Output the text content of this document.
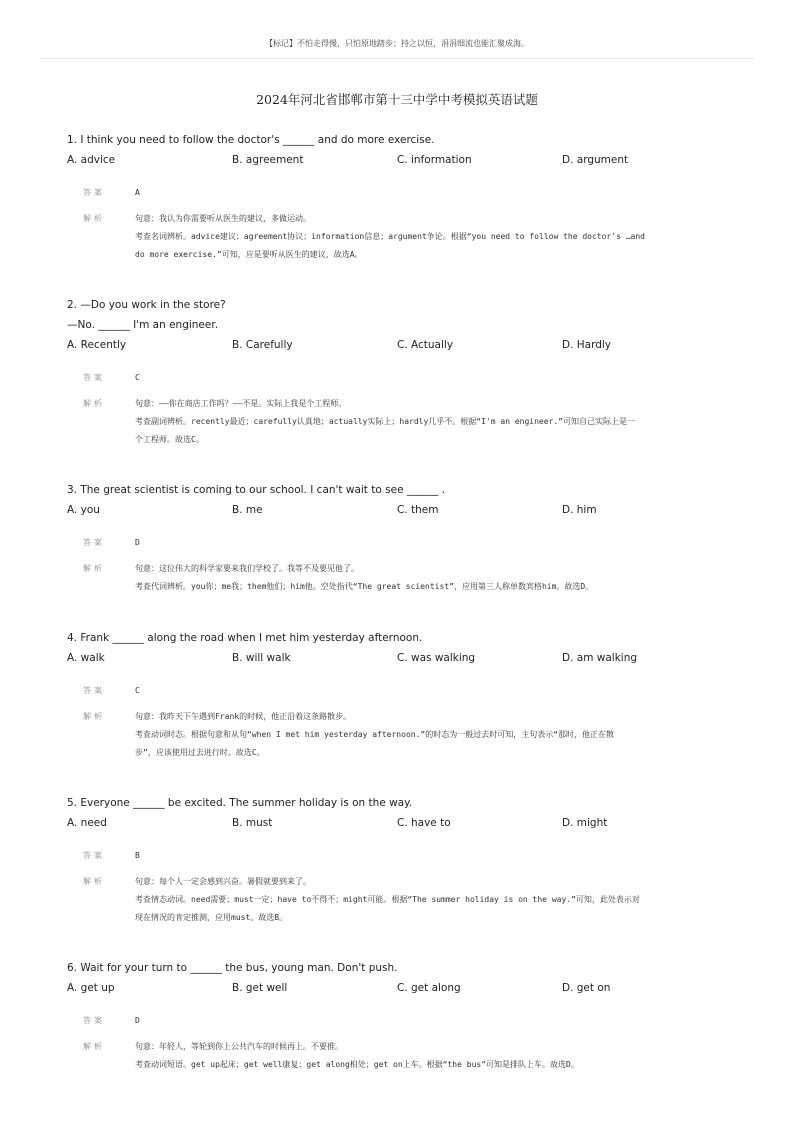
【标记】不怕走得慢，只怕原地踏步；持之以恒，涓涓细流也能汇聚成海。
2024年河北省邯郸市第十三中学中考模拟英语试题
1. I think you need to follow the doctor's ______ and do more exercise.
A. advice	B. agreement	C. information	D. argument
答案	A
解析	句意：我认为你需要听从医生的建议，多做运动。
考查名词辨析。advice建议；agreement协议；information信息；argument争论。根据“you need to follow the doctor's …and
do more exercise.”可知，应是要听从医生的建议，故选A。
2. —Do you work in the store?
—No. ______ I'm an engineer.
A. Recently	B. Carefully	C. Actually	D. Hardly
答案	C
解析	句意：——你在商店工作吗？——不是。实际上我是个工程师。
考查副词辨析。recently最近；carefully认真地；actually实际上；hardly几乎不。根据“I'm an engineer.”可知自己实际上是一
个工程师。故选C。
3. The great scientist is coming to our school. I can't wait to see ______ .
A. you	B. me	C. them	D. him
答案	D
解析	句意：这位伟大的科学家要来我们学校了。我等不及要见他了。
考查代词辨析。you你；me我；them他们；him他。空处指代“The great scientist”，应用第三人称单数宾格him。故选D。
4. Frank ______ along the road when I met him yesterday afternoon.
A. walk	B. will walk	C. was walking	D. am walking
答案	C
解析	句意：我昨天下午遇到Frank的时候，他正沿着这条路散步。
考查动词时态。根据句意和从句“when I met him yesterday afternoon.”的时态为一般过去时可知，主句表示“那时，他正在散
步”，应该使用过去进行时。故选C。
5. Everyone ______ be excited. The summer holiday is on the way.
A. need	B. must	C. have to	D. might
答案	B
解析	句意：每个人一定会感到兴奋。暑假就要到来了。
考查情态动词。need需要；must一定；have to不得不；might可能。根据“The summer holiday is on the way.”可知，此处表示对
现在情况的肯定推测，应用must。故选B。
6. Wait for your turn to ______ the bus, young man. Don't push.
A. get up	B. get well	C. get along	D. get on
答案	D
解析	句意：年轻人，等轮到你上公共汽车的时候再上。不要推。
考查动词短语。get up起床；get well康复；get along相处；get on上车。根据“the bus”可知是排队上车。故选D。
